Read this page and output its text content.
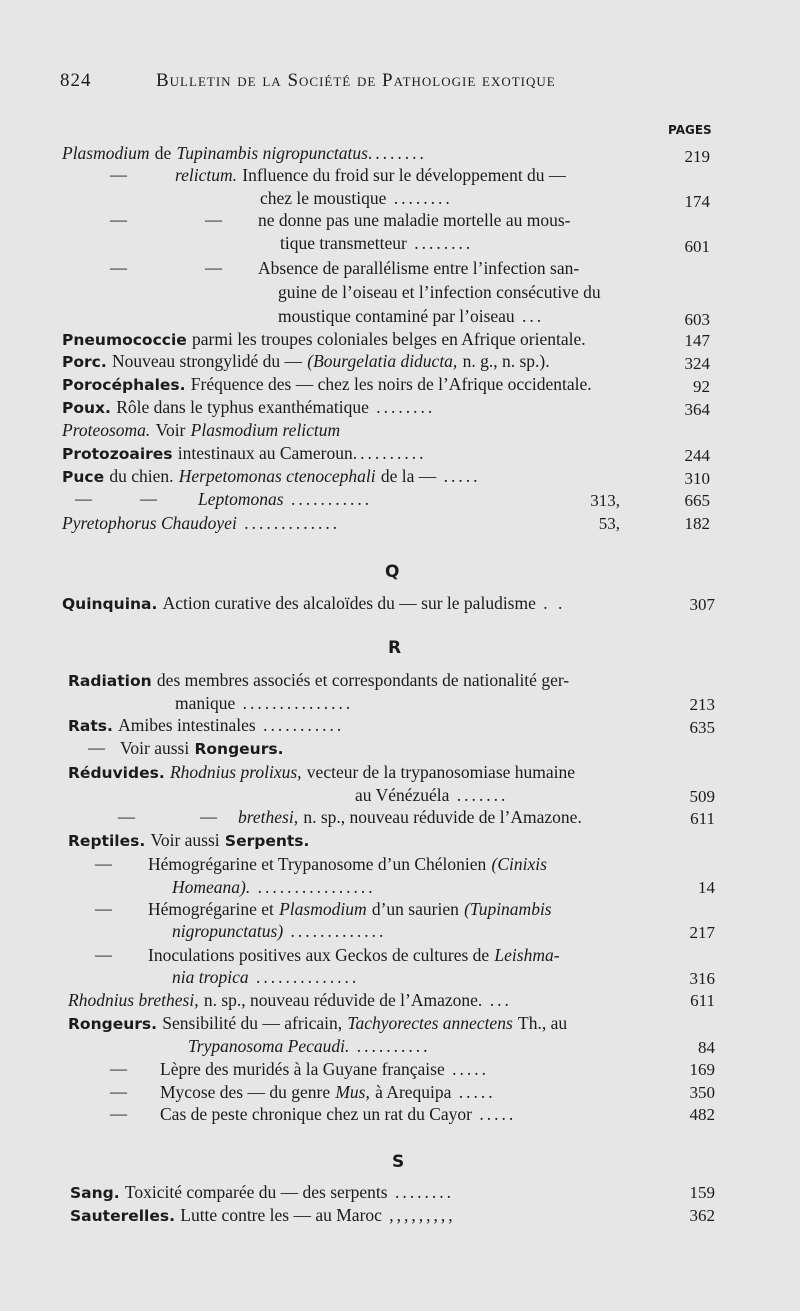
824	Bulletin de la Société de Pathologie exotique
PAGES
Plasmodium de Tupinambis nigropunctatus........	219
—	relictum. Influence du froid sur le développement du —
chez le moustique ........	174
—	— ne donne pas une maladie mortelle au mous-
tique transmetteur ........	601
—	— Absence de parallélisme entre l’infection san-
guine de l’oiseau et l’infection consécutive du
moustique contaminé par l’oiseau ...	603
Pneumococcie parmi les troupes coloniales belges en Afrique orientale.	147
Porc. Nouveau strongylidé du — (Bourgelatia diducta, n. g., n. sp.).	324
Porocéphales. Fréquence des — chez les noirs de l’Afrique occidentale.	92
Poux. Rôle dans le typhus exanthématique ........	364
Proteosoma. Voir Plasmodium relictum
Protozoaires intestinaux au Cameroun..........	244
Puce du chien. Herpetomonas ctenocephali de la — .....	310
—	— Leptomonas ...........	313,	665
Pyretophorus Chaudoyei .............	53,	182
Q
Quinquina. Action curative des alcaloïdes du — sur le paludisme . .	307
R
Radiation des membres associés et correspondants de nationalité ger-
manique ...............	213
Rats. Amibes intestinales ...........	635
— Voir aussi Rongeurs.
Réduvides. Rhodnius prolixus, vecteur de la trypanosomiase humaine
au Vénézuéla .......	509
—	— brethesi, n. sp., nouveau réduvide de l’Amazone.	611
Reptiles. Voir aussi Serpents.
— Hémogrégarine et Trypanosome d’un Chélonien (Cinixis
Homeana). ................	14
— Hémogrégarine et Plasmodium d’un saurien (Tupinambis
nigropunctatus) .............	217
— Inoculations positives aux Geckos de cultures de Leishma-
nia tropica ..............	316
Rhodnius brethesi, n. sp., nouveau réduvide de l’Amazone. ...	611
Rongeurs. Sensibilité du — africain, Tachyorectes annectens Th., au
Trypanosoma Pecaudi. ..........	84
— Lèpre des muridés à la Guyane française .....	169
— Mycose des — du genre Mus, à Arequipa .....	350
— Cas de peste chronique chez un rat du Cayor .....	482
S
Sang. Toxicité comparée du — des serpents ........	159
Sauterelles. Lutte contre les — au Maroc ,,,,,,,,,	362
